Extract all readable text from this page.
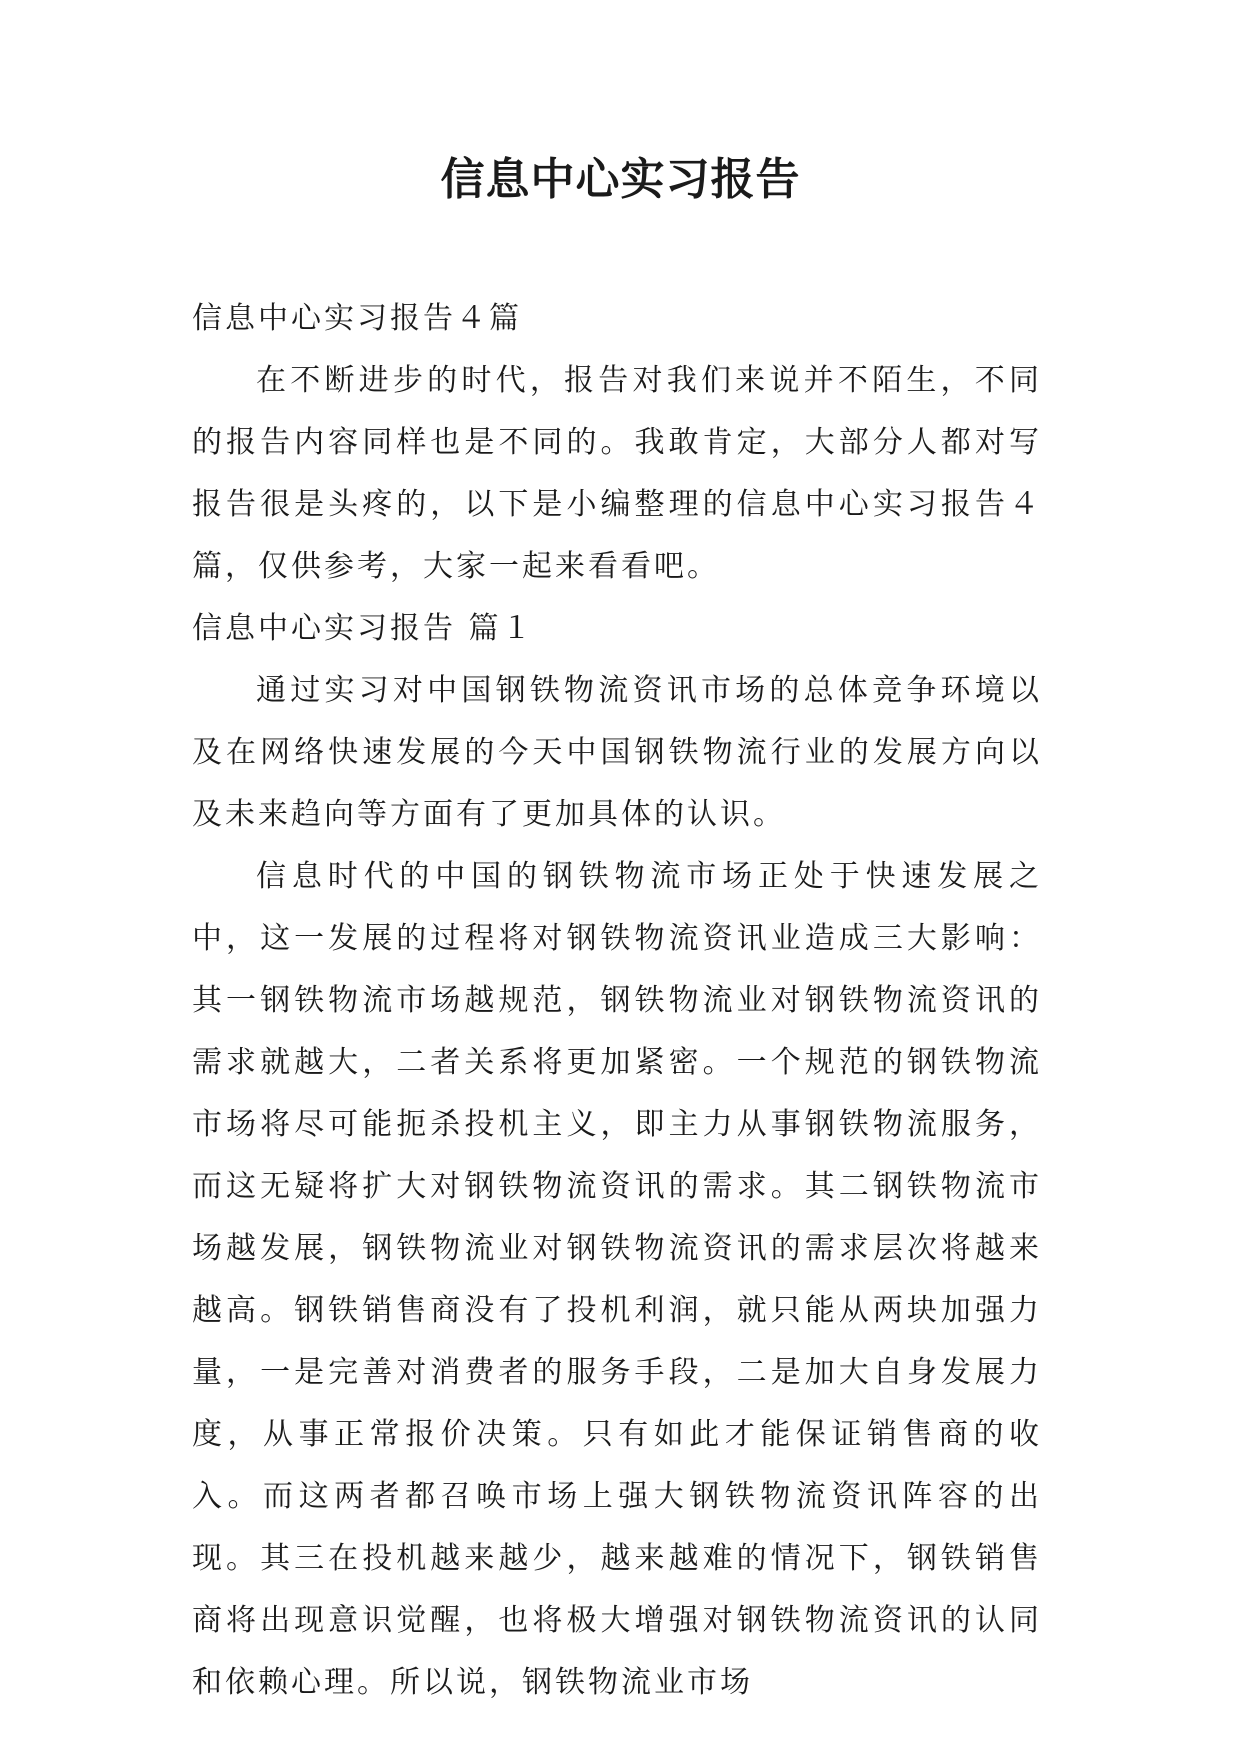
信息中心实习报告

信息中心实习报告４篇

在不断进步的时代，报告对我们来说并不陌生，不同的报告内容同样也是不同的。我敢肯定，大部分人都对写报告很是头疼的，以下是小编整理的信息中心实习报告４篇，仅供参考，大家一起来看看吧。

信息中心实习报告 篇１

通过实习对中国钢铁物流资讯市场的总体竞争环境以及在网络快速发展的今天中国钢铁物流行业的发展方向以及未来趋向等方面有了更加具体的认识。

信息时代的中国的钢铁物流市场正处于快速发展之中，这一发展的过程将对钢铁物流资讯业造成三大影响：其一钢铁物流市场越规范，钢铁物流业对钢铁物流资讯的需求就越大，二者关系将更加紧密。一个规范的钢铁物流市场将尽可能扼杀投机主义，即主力从事钢铁物流服务，而这无疑将扩大对钢铁物流资讯的需求。其二钢铁物流市场越发展，钢铁物流业对钢铁物流资讯的需求层次将越来越高。钢铁销售商没有了投机利润，就只能从两块加强力量，一是完善对消费者的服务手段，二是加大自身发展力度，从事正常报价决策。只有如此才能保证销售商的收入。而这两者都召唤市场上强大钢铁物流资讯阵容的出现。其三在投机越来越少，越来越难的情况下，钢铁销售商将出现意识觉醒，也将极大增强对钢铁物流资讯的认同和依赖心理。所以说，钢铁物流业市场
